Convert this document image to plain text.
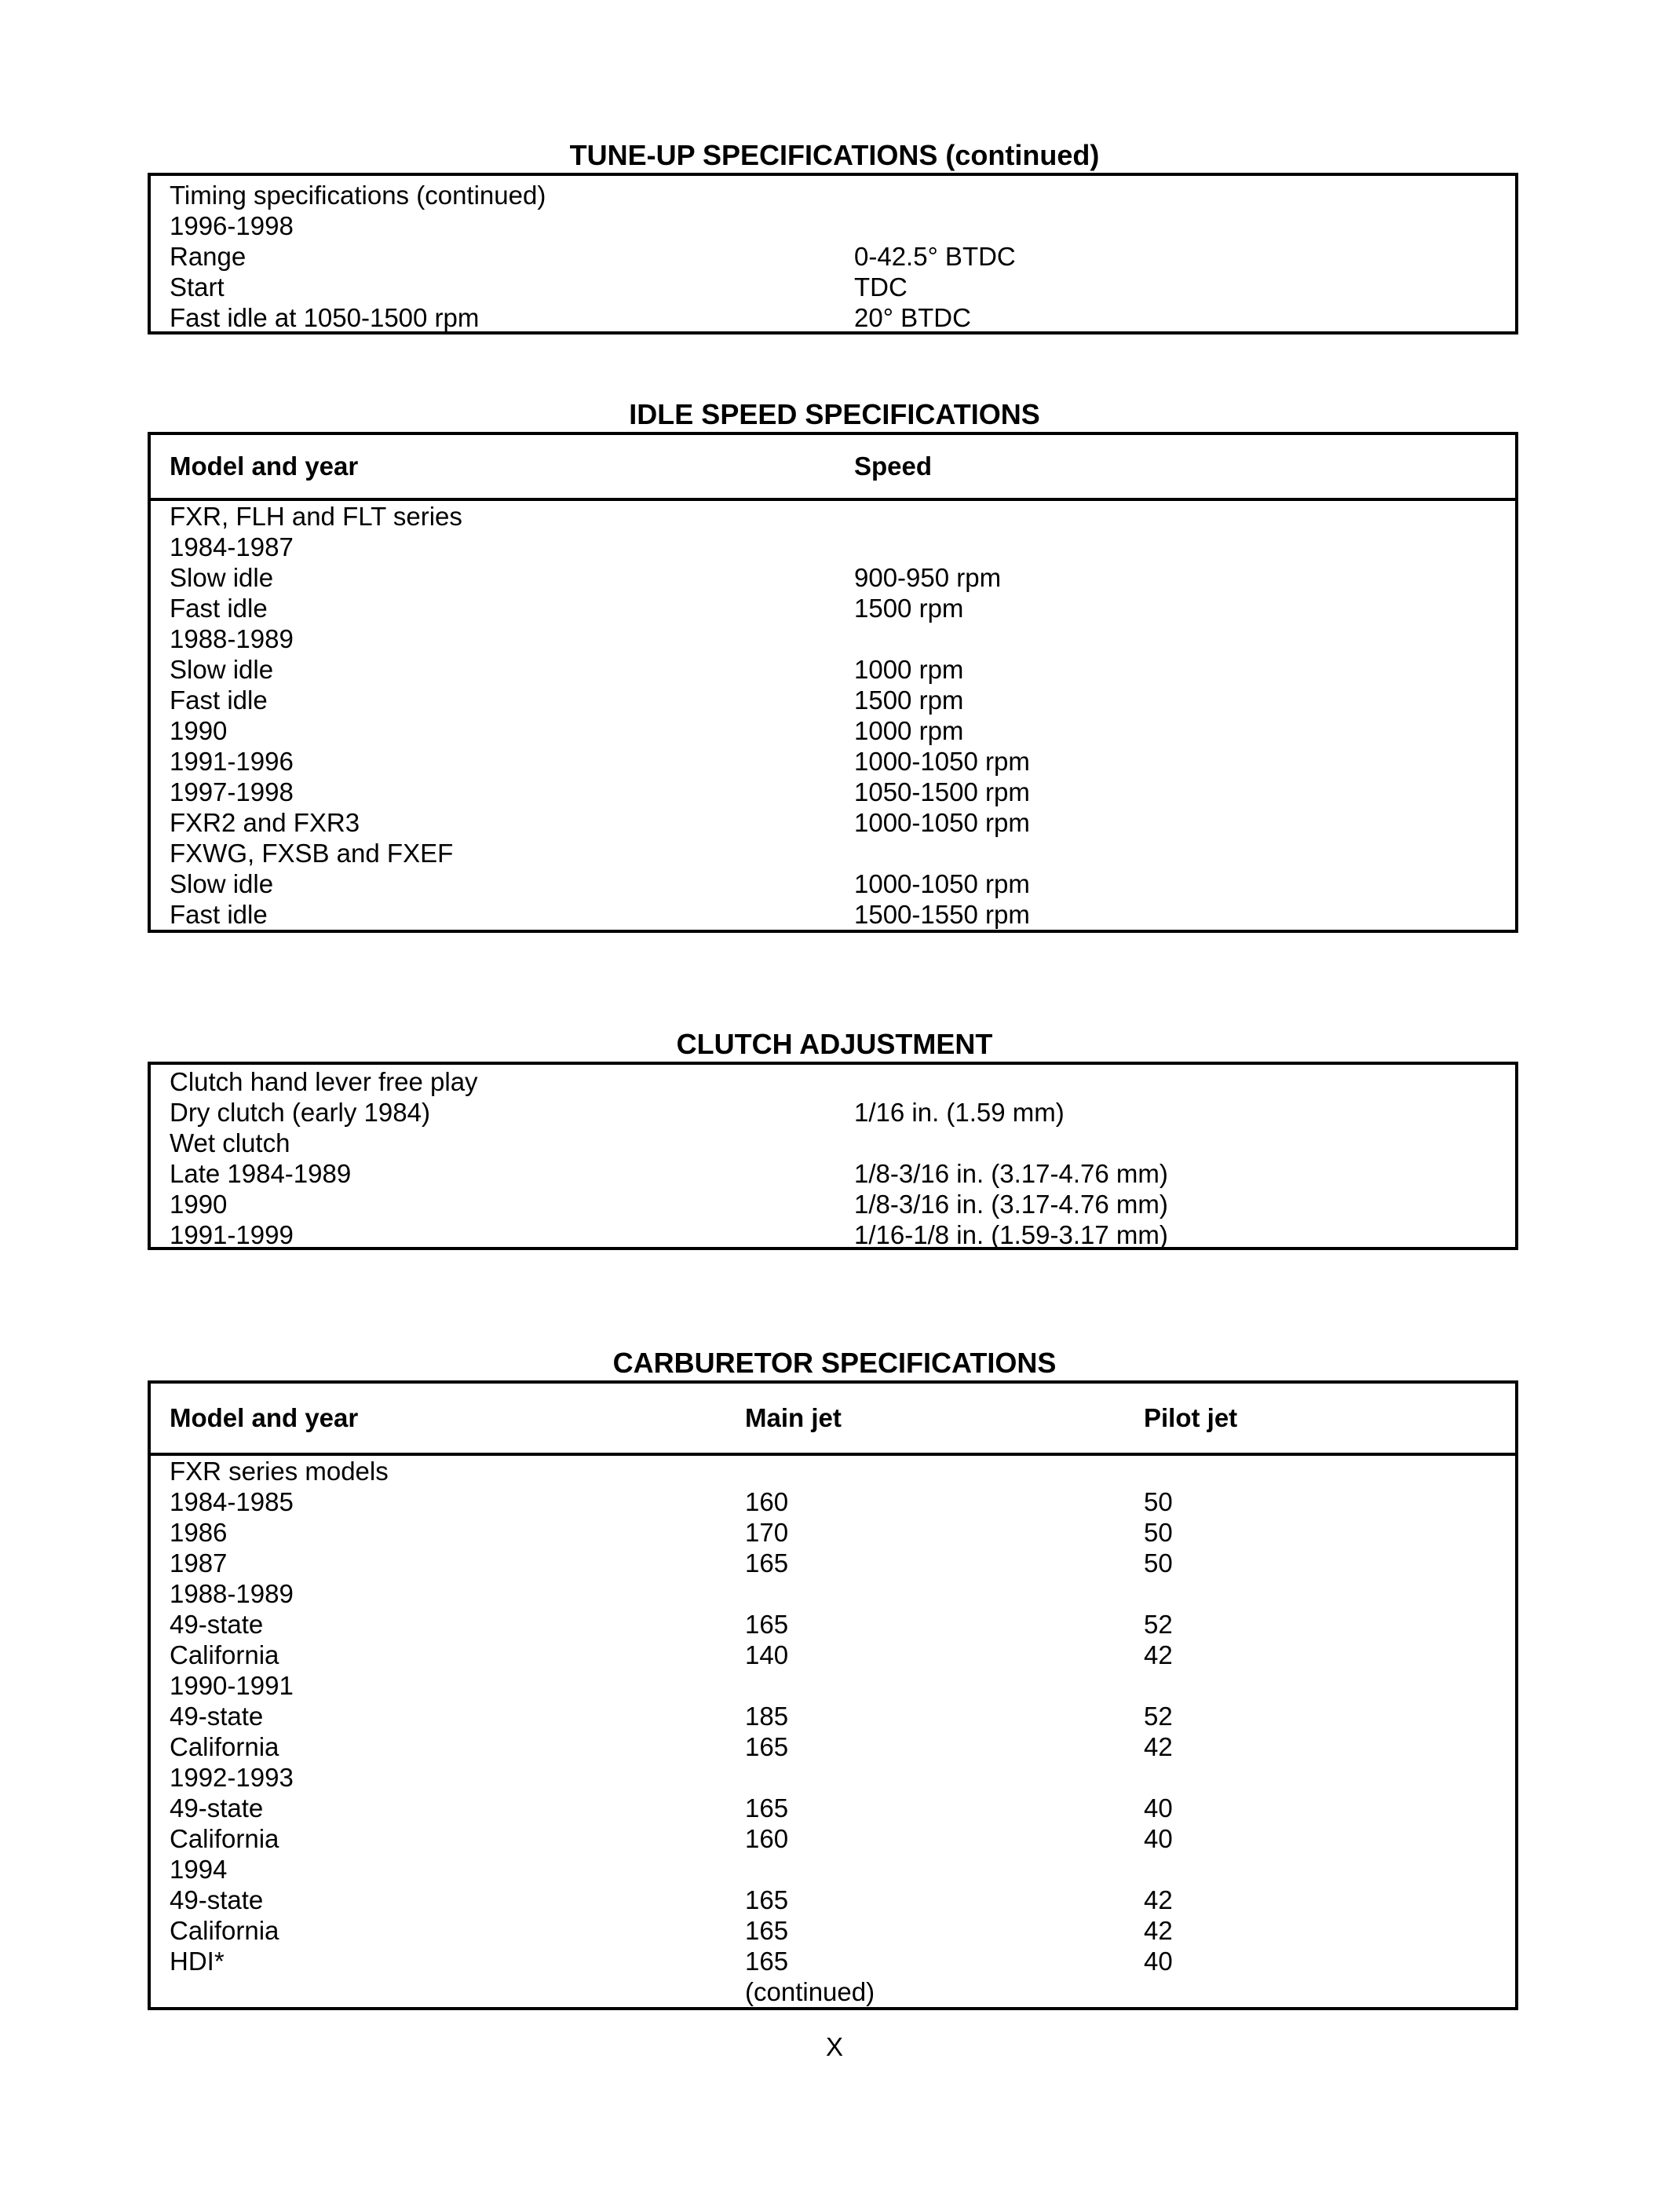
TUNE-UP SPECIFICATIONS (continued)
Timing specifications (continued)
1996-1998
Range	0-42.5° BTDC
Start	TDC
Fast idle at 1050-1500 rpm	20° BTDC
IDLE SPEED SPECIFICATIONS
Model and year	Speed
FXR, FLH and FLT series
1984-1987
Slow idle	900-950 rpm
Fast idle	1500 rpm
1988-1989
Slow idle	1000 rpm
Fast idle	1500 rpm
1990	1000 rpm
1991-1996	1000-1050 rpm
1997-1998	1050-1500 rpm
FXR2 and FXR3	1000-1050 rpm
FXWG, FXSB and FXEF
Slow idle	1000-1050 rpm
Fast idle	1500-1550 rpm
CLUTCH ADJUSTMENT
Clutch hand lever free play
Dry clutch (early 1984)	1/16 in. (1.59 mm)
Wet clutch
Late 1984-1989	1/8-3/16 in. (3.17-4.76 mm)
1990	1/8-3/16 in. (3.17-4.76 mm)
1991-1999	1/16-1/8 in. (1.59-3.17 mm)
CARBURETOR SPECIFICATIONS
Model and year	Main jet	Pilot jet
FXR series models
1984-1985	160	50
1986	170	50
1987	165	50
1988-1989
49-state	165	52
California	140	42
1990-1991
49-state	185	52
California	165	42
1992-1993
49-state	165	40
California	160	40
1994
49-state	165	42
California	165	42
HDI*	165	40
(continued)
X
